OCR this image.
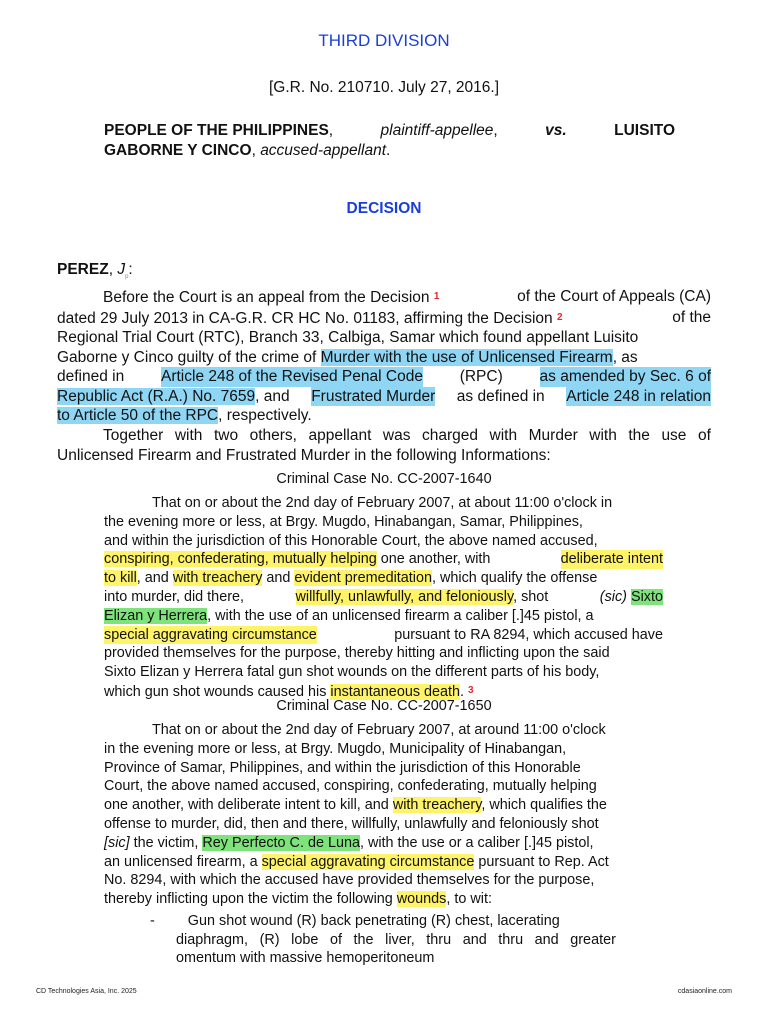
THIRD DIVISION
[G.R. No. 210710. July 27, 2016.]
PEOPLE OF THE PHILIPPINES,	plaintiff-appellee,	vs.	LUISITO
GABORNE Y CINCO, accused-appellant.
DECISION
PEREZ, $J_p$:
Before the Court is an appeal from the Decision 1	of the Court of Appeals (CA)
dated 29 July 2013 in CA-G.R. CR HC No. 01183, affirming the Decision 2	of the
Regional Trial Court (RTC), Branch 33, Calbiga, Samar which found appellant Luisito
Gaborne y Cinco guilty of the crime of Murder with the use of Unlicensed Firearm, as
defined in Article 248 of the Revised Penal Code (RPC) as amended by Sec. 6 of
Republic Act (R.A.) No. 7659, and Frustrated Murder as defined in Article 248 in relation
to Article 50 of the RPC, respectively.
Together with two others, appellant was charged with Murder with the use of
Unlicensed Firearm and Frustrated Murder in the following Informations:
Criminal Case No. CC-2007-1640
That on or about the 2nd day of February 2007, at about 11:00 o'clock in
the evening more or less, at Brgy. Mugdo, Hinabangan, Samar, Philippines,
and within the jurisdiction of this Honorable Court, the above named accused,
conspiring, confederating, mutually helping one another, with	deliberate intent
to kill, and with treachery and evident premeditation, which qualify the offense
into murder, did there,	willfully, unlawfully, and feloniously, shot	(sic) Sixto
Elizan y Herrera, with the use of an unlicensed firearm a caliber [.]45 pistol, a
special aggravating circumstance	pursuant to RA 8294, which accused have
provided themselves for the purpose, thereby hitting and inflicting upon the said
Sixto Elizan y Herrera fatal gun shot wounds on the different parts of his body,
which gun shot wounds caused his instantaneous death. $^3$
Criminal Case No. CC-2007-1650
That on or about the 2nd day of February 2007, at around 11:00 o'clock
in the evening more or less, at Brgy. Mugdo, Municipality of Hinabangan,
Province of Samar, Philippines, and within the jurisdiction of this Honorable
Court, the above named accused, conspiring, confederating, mutually helping
one another, with deliberate intent to kill, and with treachery, which qualifies the
offense to murder, did, then and there, willfully, unlawfully and feloniously shot
[sic] the victim, Rey Perfecto C. de Luna, with the use or a caliber [.]45 pistol,
an unlicensed firearm, a special aggravating circumstance pursuant to Rep. Act
No. 8294, with which the accused have provided themselves for the purpose,
thereby inflicting upon the victim the following wounds, to wit:
- Gun shot wound (R) back penetrating (R) chest, lacerating
diaphragm, (R) lobe of the liver, thru and thru and greater
omentum with massive hemoperitoneum
CD Technologies Asia, Inc. 2025	cdasiaonline.com
